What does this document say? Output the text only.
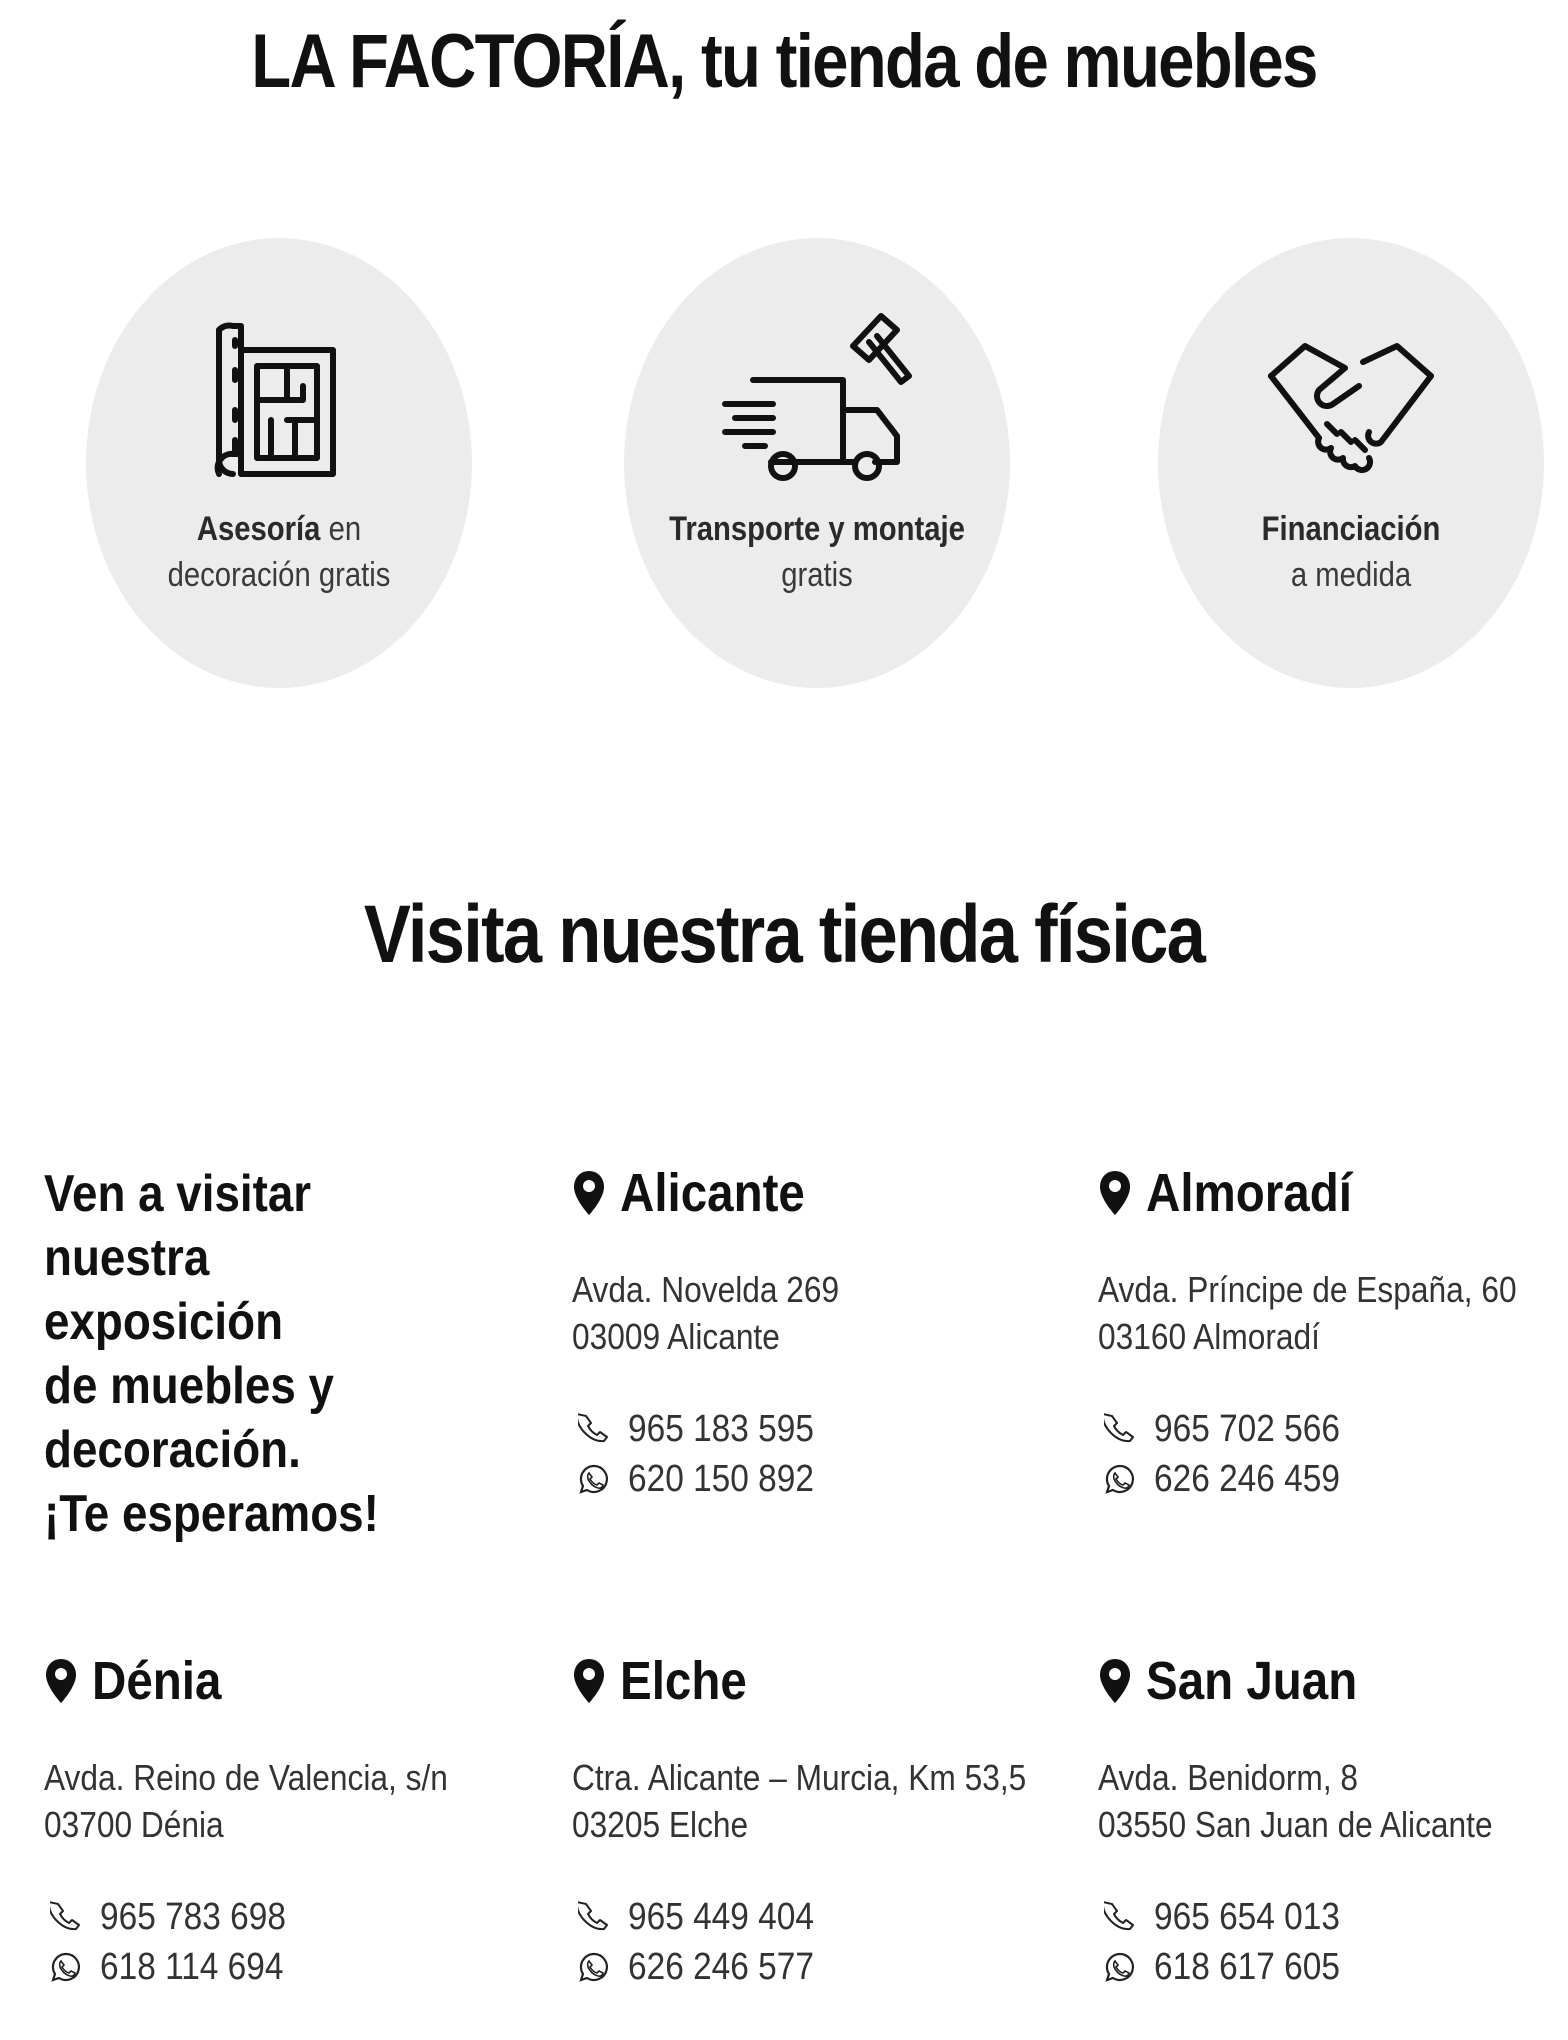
LA FACTORÍA, tu tienda de muebles
Asesoría en
decoración gratis
Transporte y montaje
gratis
Financiación
a medida
Visita nuestra tienda física
Ven a visitar
nuestra exposición
de muebles y
decoración.
¡Te esperamos!
Alicante
Avda. Novelda 269
03009 Alicante
965 183 595
620 150 892
Almoradí
Avda. Príncipe de España, 60
03160 Almoradí
965 702 566
626 246 459
Dénia
Avda. Reino de Valencia, s/n
03700 Dénia
965 783 698
618 114 694
Elche
Ctra. Alicante – Murcia, Km 53,5
03205 Elche
965 449 404
626 246 577
San Juan
Avda. Benidorm, 8
03550 San Juan de Alicante
965 654 013
618 617 605
